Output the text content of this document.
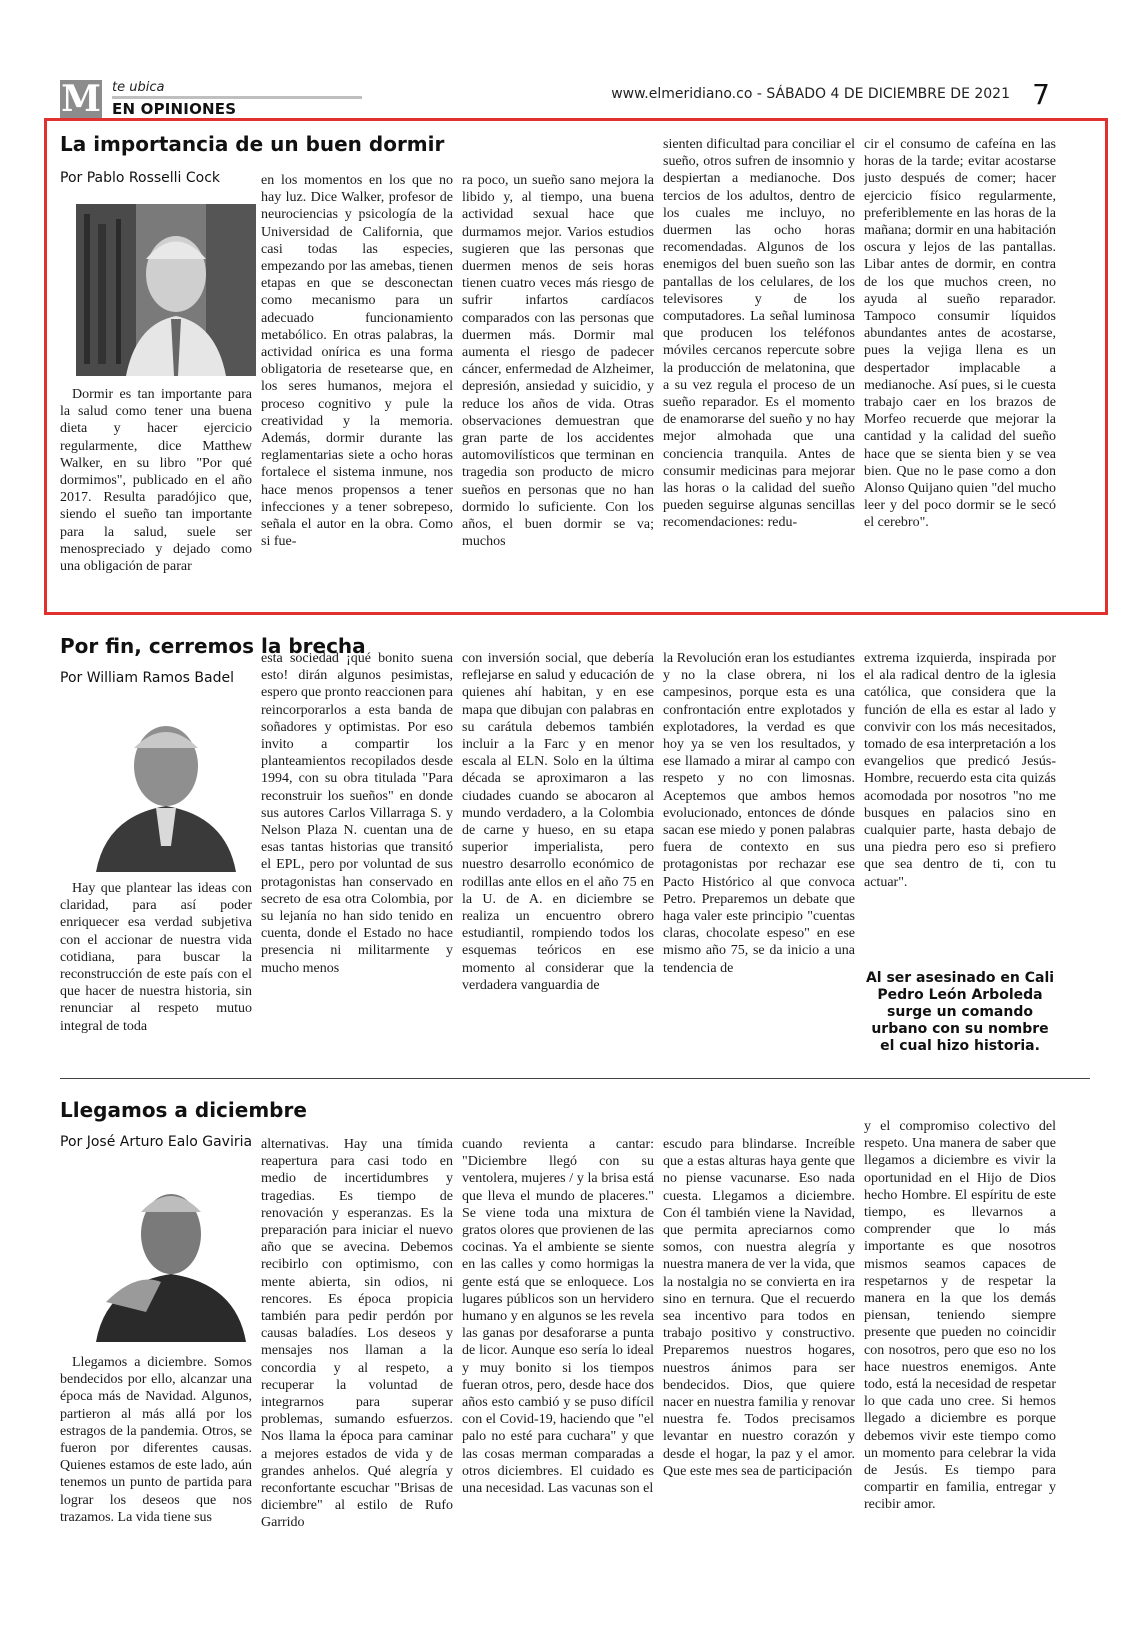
M te ubica
EN OPINIONES
www.elmeridiano.co - SÁBADO 4 DE DICIEMBRE DE 2021 7
La importancia de un buen dormir
Por Pablo Rosselli Cock

Dormir es tan importante para la salud como tener una buena dieta y hacer ejercicio regularmente, dice Matthew Walker, en su libro "Por qué dormimos", publicado en el año 2017. Resulta paradójico que, siendo el sueño tan importante para la salud, suele ser menospreciado y dejado como una obligación de parar

en los momentos en los que no hay luz. Dice Walker, profesor de neurociencias y psicología de la Universidad de California, que casi todas las especies, empezando por las amebas, tienen etapas en que se desconectan como mecanismo para un adecuado funcionamiento metabólico. En otras palabras, la actividad onírica es una forma obligatoria de resetearse que, en los seres humanos, mejora el proceso cognitivo y pule la creatividad y la memoria. Además, dormir durante las reglamentarias siete a ocho horas fortalece el sistema inmune, nos hace menos propensos a tener infecciones y a tener sobrepeso, señala el autor en la obra. Como si fue-

ra poco, un sueño sano mejora la libido y, al tiempo, una buena actividad sexual hace que durmamos mejor. Varios estudios sugieren que las personas que duermen menos de seis horas tienen cuatro veces más riesgo de sufrir infartos cardíacos comparados con las personas que duermen más. Dormir mal aumenta el riesgo de padecer cáncer, enfermedad de Alzheimer, depresión, ansiedad y suicidio, y reduce los años de vida. Otras observaciones demuestran que gran parte de los accidentes automovilísticos que terminan en tragedia son producto de micro sueños en personas que no han dormido lo suficiente. Con los años, el buen dormir se va; muchos

sienten dificultad para conciliar el sueño, otros sufren de insomnio y despiertan a medianoche. Dos tercios de los adultos, dentro de los cuales me incluyo, no duermen las ocho horas recomendadas. Algunos de los enemigos del buen sueño son las pantallas de los celulares, de los televisores y de los computadores. La señal luminosa que producen los teléfonos móviles cercanos repercute sobre la producción de melatonina, que a su vez regula el proceso de un sueño reparador. Es el momento de enamorarse del sueño y no hay mejor almohada que una conciencia tranquila. Antes de consumir medicinas para mejorar las horas o la calidad del sueño pueden seguirse algunas sencillas recomendaciones: redu-

cir el consumo de cafeína en las horas de la tarde; evitar acostarse justo después de comer; hacer ejercicio físico regularmente, preferiblemente en las horas de la mañana; dormir en una habitación oscura y lejos de las pantallas. Libar antes de dormir, en contra de los que muchos creen, no ayuda al sueño reparador. Tampoco consumir líquidos abundantes antes de acostarse, pues la vejiga llena es un despertador implacable a medianoche. Así pues, si le cuesta trabajo caer en los brazos de Morfeo recuerde que mejorar la cantidad y la calidad del sueño hace que se sienta bien y se vea bien. Que no le pase como a don Alonso Quijano quien "del mucho leer y del poco dormir se le secó el cerebro".

Por fin, cerremos la brecha
Por William Ramos Badel

Hay que plantear las ideas con claridad, para así poder enriquecer esa verdad subjetiva con el accionar de nuestra vida cotidiana, para buscar la reconstrucción de este país con el que hacer de nuestra historia, sin renunciar al respeto mutuo integral de toda

esta sociedad ¡qué bonito suena esto! dirán algunos pesimistas, espero que pronto reaccionen para reincorporarlos a esta banda de soñadores y optimistas. Por eso invito a compartir los planteamientos recopilados desde 1994, con su obra titulada "Para reconstruir los sueños" en donde sus autores Carlos Villarraga S. y Nelson Plaza N. cuentan una de esas tantas historias que transitó el EPL, pero por voluntad de sus protagonistas han conservado en secreto de esa otra Colombia, por su lejanía no han sido tenido en cuenta, donde el Estado no hace presencia ni militarmente y mucho menos

con inversión social, que debería reflejarse en salud y educación de quienes ahí habitan, y en ese mapa que dibujan con palabras en su carátula debemos también incluir a la Farc y en menor escala al ELN. Solo en la última década se aproximaron a las ciudades cuando se abocaron al mundo verdadero, a la Colombia de carne y hueso, en su etapa superior imperialista, pero nuestro desarrollo económico de rodillas ante ellos en el año 75 en la U. de A. en diciembre se realiza un encuentro obrero estudiantil, rompiendo todos los esquemas teóricos en ese momento al considerar que la verdadera vanguardia de

la Revolución eran los estudiantes y no la clase obrera, ni los campesinos, porque esta es una confrontación entre explotados y explotadores, la verdad es que hoy ya se ven los resultados, y ese llamado a mirar al campo con respeto y no con limosnas. Aceptemos que ambos hemos evolucionado, entonces de dónde sacan ese miedo y ponen palabras fuera de contexto en sus protagonistas por rechazar ese Pacto Histórico al que convoca Petro. Preparemos un debate que haga valer este principio "cuentas claras, chocolate espeso" en ese mismo año 75, se da inicio a una tendencia de

extrema izquierda, inspirada por el ala radical dentro de la iglesia católica, que considera que la función de ella es estar al lado y convivir con los más necesitados, tomado de esa interpretación a los evangelios que predicó Jesús-Hombre, recuerdo esta cita quizás acomodada por nosotros "no me busques en palacios sino en cualquier parte, hasta debajo de una piedra pero eso si prefiero que sea dentro de ti, con tu actuar".

Al ser asesinado en Cali Pedro León Arboleda surge un comando urbano con su nombre el cual hizo historia.
Llegamos a diciembre
Por José Arturo Ealo Gaviria

Llegamos a diciembre. Somos bendecidos por ello, alcanzar una época más de Navidad. Algunos, partieron al más allá por los estragos de la pandemia. Otros, se fueron por diferentes causas. Quienes estamos de este lado, aún tenemos un punto de partida para lograr los deseos que nos trazamos. La vida tiene sus

alternativas. Hay una tímida reapertura para casi todo en medio de incertidumbres y tragedias. Es tiempo de renovación y esperanzas. Es la preparación para iniciar el nuevo año que se avecina. Debemos recibirlo con optimismo, con mente abierta, sin odios, ni rencores. Es época propicia también para pedir perdón por causas baladíes. Los deseos y mensajes nos llaman a la concordia y al respeto, a recuperar la voluntad de integrarnos para superar problemas, sumando esfuerzos. Nos llama la época para caminar a mejores estados de vida y de grandes anhelos. Qué alegría y reconfortante escuchar "Brisas de diciembre" al estilo de Rufo Garrido

cuando revienta a cantar: "Diciembre llegó con su ventolera, mujeres / y la brisa está que lleva el mundo de placeres." Se viene toda una mixtura de gratos olores que provienen de las cocinas. Ya el ambiente se siente en las calles y como hormigas la gente está que se enloquece. Los lugares públicos son un hervidero humano y en algunos se les revela las ganas por desaforarse a punta de licor. Aunque eso sería lo ideal y muy bonito si los tiempos fueran otros, pero, desde hace dos años esto cambió y se puso difícil con el Covid-19, haciendo que "el palo no esté para cuchara" y que las cosas merman comparadas a otros diciembres. El cuidado es una necesidad. Las vacunas son el

escudo para blindarse. Increíble que a estas alturas haya gente que no piense vacunarse. Eso nada cuesta. Llegamos a diciembre. Con él también viene la Navidad, que permita apreciarnos como somos, con nuestra alegría y nuestra manera de ver la vida, que la nostalgia no se convierta en ira sino en ternura. Que el recuerdo sea incentivo para todos en trabajo positivo y constructivo. Preparemos nuestros hogares, nuestros ánimos para ser bendecidos. Dios, que quiere nacer en nuestra familia y renovar nuestra fe. Todos precisamos levantar en nuestro corazón y desde el hogar, la paz y el amor. Que este mes sea de participación

y el compromiso colectivo del respeto. Una manera de saber que llegamos a diciembre es vivir la oportunidad en el Hijo de Dios hecho Hombre. El espíritu de este tiempo, es llevarnos a comprender que lo más importante es que nosotros mismos seamos capaces de respetarnos y de respetar la manera en la que los demás piensan, teniendo siempre presente que pueden no coincidir con nosotros, pero que eso no los hace nuestros enemigos. Ante todo, está la necesidad de respetar lo que cada uno cree. Si hemos llegado a diciembre es porque debemos vivir este tiempo como un momento para celebrar la vida de Jesús. Es tiempo para compartir en familia, entregar y recibir amor.
